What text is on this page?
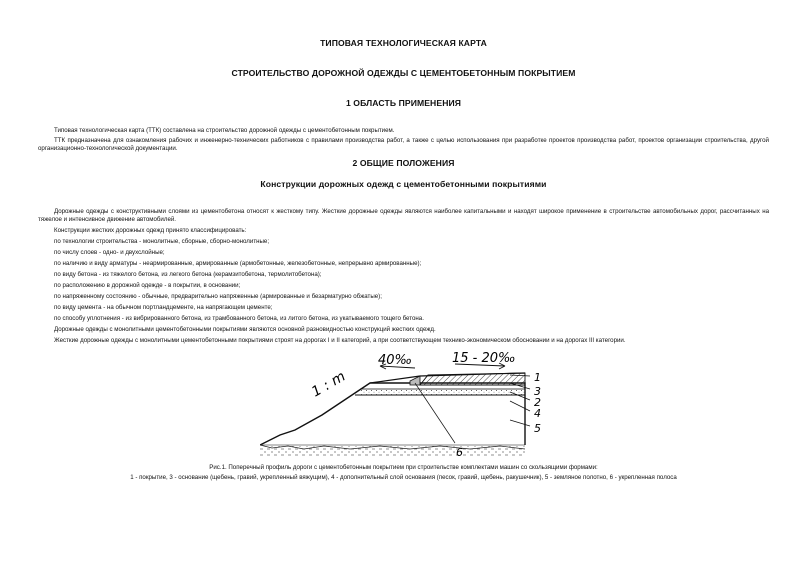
ТИПОВАЯ ТЕХНОЛОГИЧЕСКАЯ КАРТА
СТРОИТЕЛЬСТВО ДОРОЖНОЙ ОДЕЖДЫ С ЦЕМЕНТОБЕТОННЫМ ПОКРЫТИЕМ
1 ОБЛАСТЬ ПРИМЕНЕНИЯ
Типовая технологическая карта (ТТК) составлена на строительство дорожной одежды с цементобетонным покрытием.
ТТК предназначена для ознакомления рабочих и инженерно-технических работников с правилами производства работ, а также с целью использования при разработке проектов производства работ, проектов организации строительства, другой организационно-технологической документации.
2 ОБЩИЕ ПОЛОЖЕНИЯ
Конструкции дорожных одежд с цементобетонными покрытиями
Дорожные одежды с конструктивными слоями из цементобетона относят к жесткому типу. Жесткие дорожные одежды являются наиболее капитальными и находят широкое применение в строительстве автомобильных дорог, рассчитанных на тяжелое и интенсивное движение автомобилей.
Конструкции жестких дорожных одежд принято классифицировать:
по технологии строительства - монолитные, сборные, сборно-монолитные;
по числу слоев - одно- и двухслойные;
по наличию и виду арматуры - неармированные, армированные (армобетонные, железобетонные, непрерывно армированные);
по виду бетона - из тяжелого бетона, из легкого бетона (керамзитобетона, термолитобетона);
по расположению в дорожной одежде - в покрытии, в основании;
по напряженному состоянию - обычные, предварительно напряженные (армированные и безарматурно обжатые);
по виду цемента - на обычном портландцементе, на напрягающем цементе;
по способу уплотнения - из вибрированного бетона, из трамбованного бетона, из литого бетона, из укатываемого тощего бетона.
Дорожные одежды с монолитными цементобетонными покрытиями являются основной разновидностью конструкций жестких одежд.
Жесткие дорожные одежды с монолитными цементобетонными покрытиями строят на дорогах I и II категорий, а при соответствующем технико-экономическом обосновании и на дорогах III категории.
1 : m
40‰	15 - 20‰
1
3
2
4
5
6
Рис.1. Поперечный профиль дороги с цементобетонным покрытием при строительстве комплектами машин со скользящими формами:
1 - покрытие, 3 - основание (щебень, гравий, укрепленный вяжущим), 4 - дополнительный слой основания (песок, гравий, щебень, ракушечник), 5 - земляное полотно, 6 - укрепленная полоса
